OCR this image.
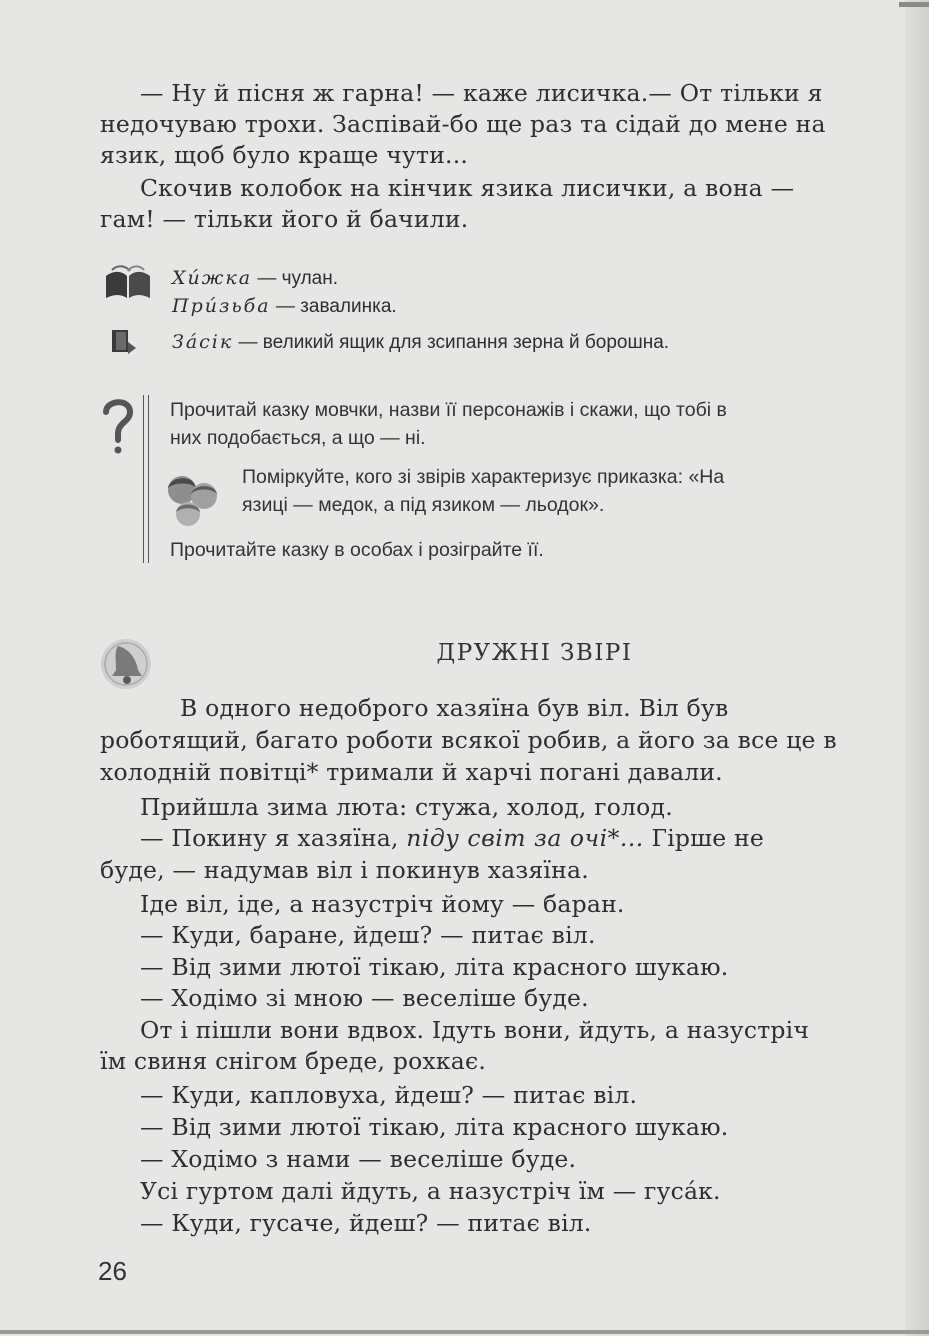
— Ну й пісня ж гарна! — каже лисичка.— От тільки я

недочуваю трохи. Заспівай-бо ще раз та сідай до мене на

язик, щоб було краще чути...

Скочив колобок на кінчик язика лисички, а вона —

гам! — тільки його й бачили.

Хи́жка — чулан.
При́зьба — завалинка.
За́сік — великий ящик для зсипання зерна й борошна.

Прочитай казку мовчки, назви її персонажів і скажи, що тобі в

них подобається, а що — ні.

Поміркуйте, кого зі звірів характеризує приказка: «На

язиці — медок, а під язиком — льодок».

Прочитайте казку в особах і розіграйте її.

ДРУЖНІ ЗВІРІ

В одного недоброго хазяїна був віл. Віл був

роботящий, багато роботи всякої робив, а його за все це в

холодній повітці* тримали й харчі погані давали.

Прийшла зима люта: стужа, холод, голод.

— Покину я хазяїна, піду світ за очі*... Гірше не

буде, — надумав віл і покинув хазяїна.

Іде віл, іде, а назустріч йому — баран.

— Куди, баране, йдеш? — питає віл.

— Від зими лютої тікаю, літа красного шукаю.

— Ходімо зі мною — веселіше буде.

От і пішли вони вдвох. Ідуть вони, йдуть, а назустріч

їм свиня снігом бреде, рохкає.

— Куди, капловуха, йдеш? — питає віл.

— Від зими лютої тікаю, літа красного шукаю.

— Ходімо з нами — веселіше буде.

Усі гуртом далі йдуть, а назустріч їм — гуса́к.

— Куди, гусаче, йдеш? — питає віл.

26
